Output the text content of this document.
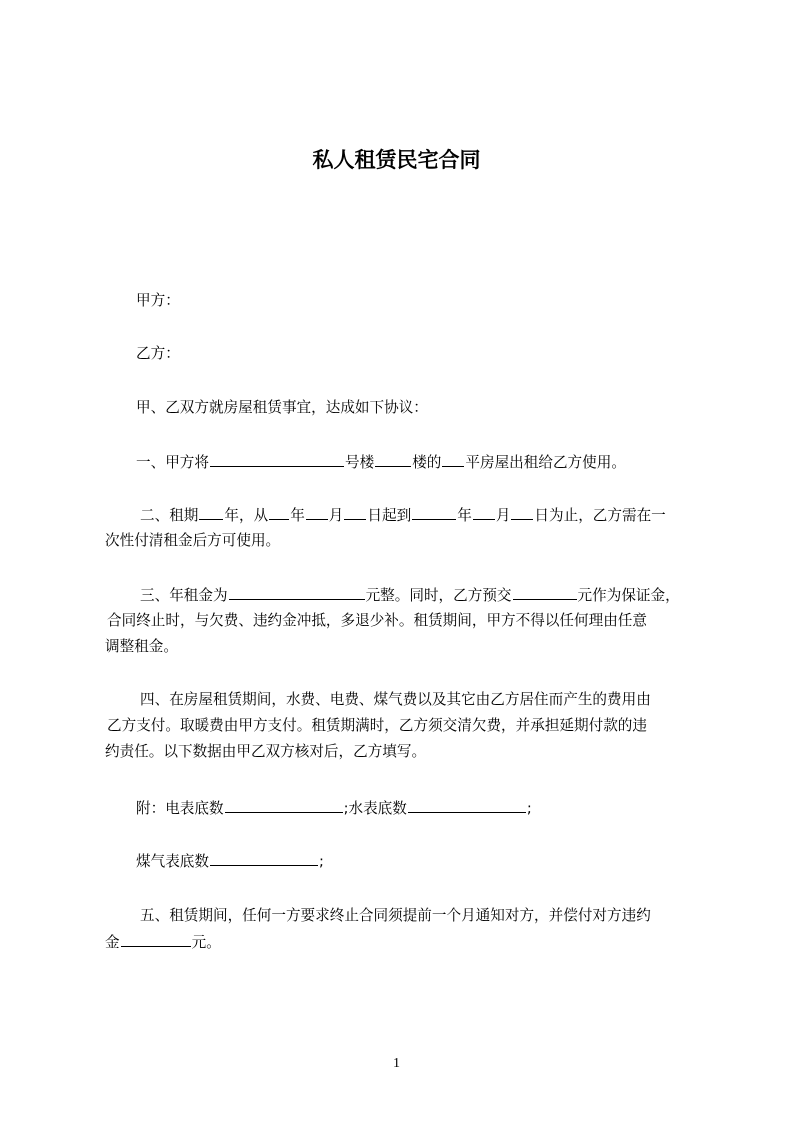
私人租赁民宅合同
甲方：
乙方：
甲、乙双方就房屋租赁事宜，达成如下协议：
一、甲方将	号楼	楼的 平房屋出租给乙方使用。
二、租期 年，从 年 月 日起到	年 月 日为止，乙方需在一
次性付清租金后方可使用。
三、年租金为	元整。同时，乙方预交	元作为保证金，
合同终止时，与欠费、违约金冲抵，多退少补。租赁期间，甲方不得以任何理由任意
调整租金。
四、在房屋租赁期间，水费、电费、煤气费以及其它由乙方居住而产生的费用由
乙方支付。取暖费由甲方支付。租赁期满时，乙方须交清欠费，并承担延期付款的违
约责任。以下数据由甲乙双方核对后，乙方填写。
附：电表底数	;水表底数	;
煤气表底数	;
五、租赁期间，任何一方要求终止合同须提前一个月通知对方，并偿付对方违约
金	元。
1
